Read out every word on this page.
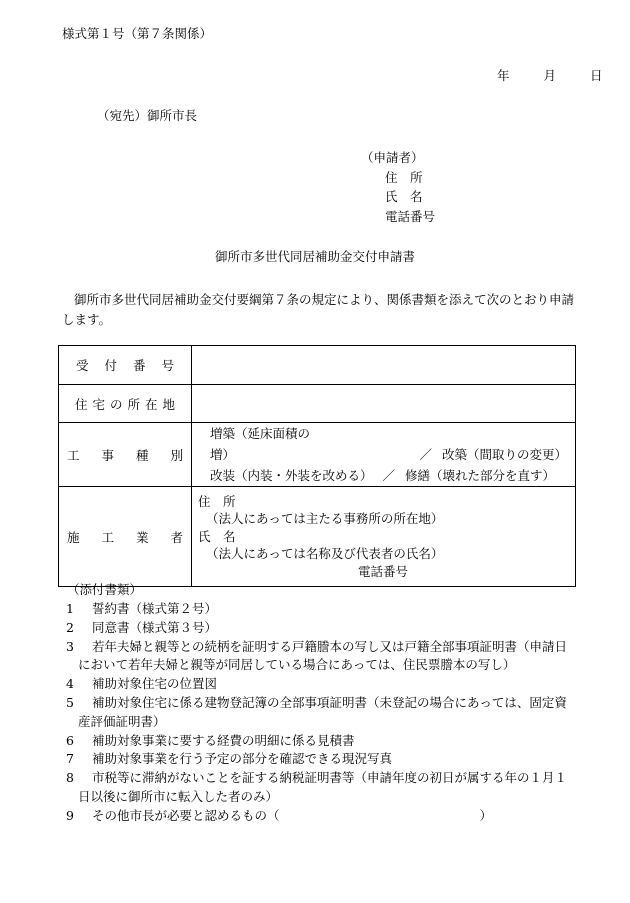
様式第１号（第７条関係）
年	月	日
（宛先）御所市長
（申請者）
住　所
氏　名
電話番号
御所市多世代同居補助金交付申請書
御所市多世代同居補助金交付要綱第７条の規定により、関係書類を添えて次のとおり申請します。
受付番号	
住宅の所在地	
工事種別	増築（延床面積の増） ／ 改築（間取りの変更）
改装（内装・外装を改める） ／ 修繕（壊れた部分を直す）

施工業者	住　所
（法人にあっては主たる事務所の所在地）
氏　名
（法人にあっては名称及び代表者の氏名）
電話番号
（添付書類）
1 誓約書（様式第２号）
2 同意書（様式第３号）
3 若年夫婦と親等との続柄を証明する戸籍謄本の写し又は戸籍全部事項証明書（申請日
において若年夫婦と親等が同居している場合にあっては、住民票謄本の写し）
4 補助対象住宅の位置図
5 補助対象住宅に係る建物登記簿の全部事項証明書（未登記の場合にあっては、固定資
産評価証明書）
6 補助対象事業に要する経費の明細に係る見積書
7 補助対象事業を行う予定の部分を確認できる現況写真
8 市税等に滞納がないことを証する納税証明書等（申請年度の初日が属する年の１月１
日以後に御所市に転入した者のみ）
9 その他市長が必要と認めるもの（	）
